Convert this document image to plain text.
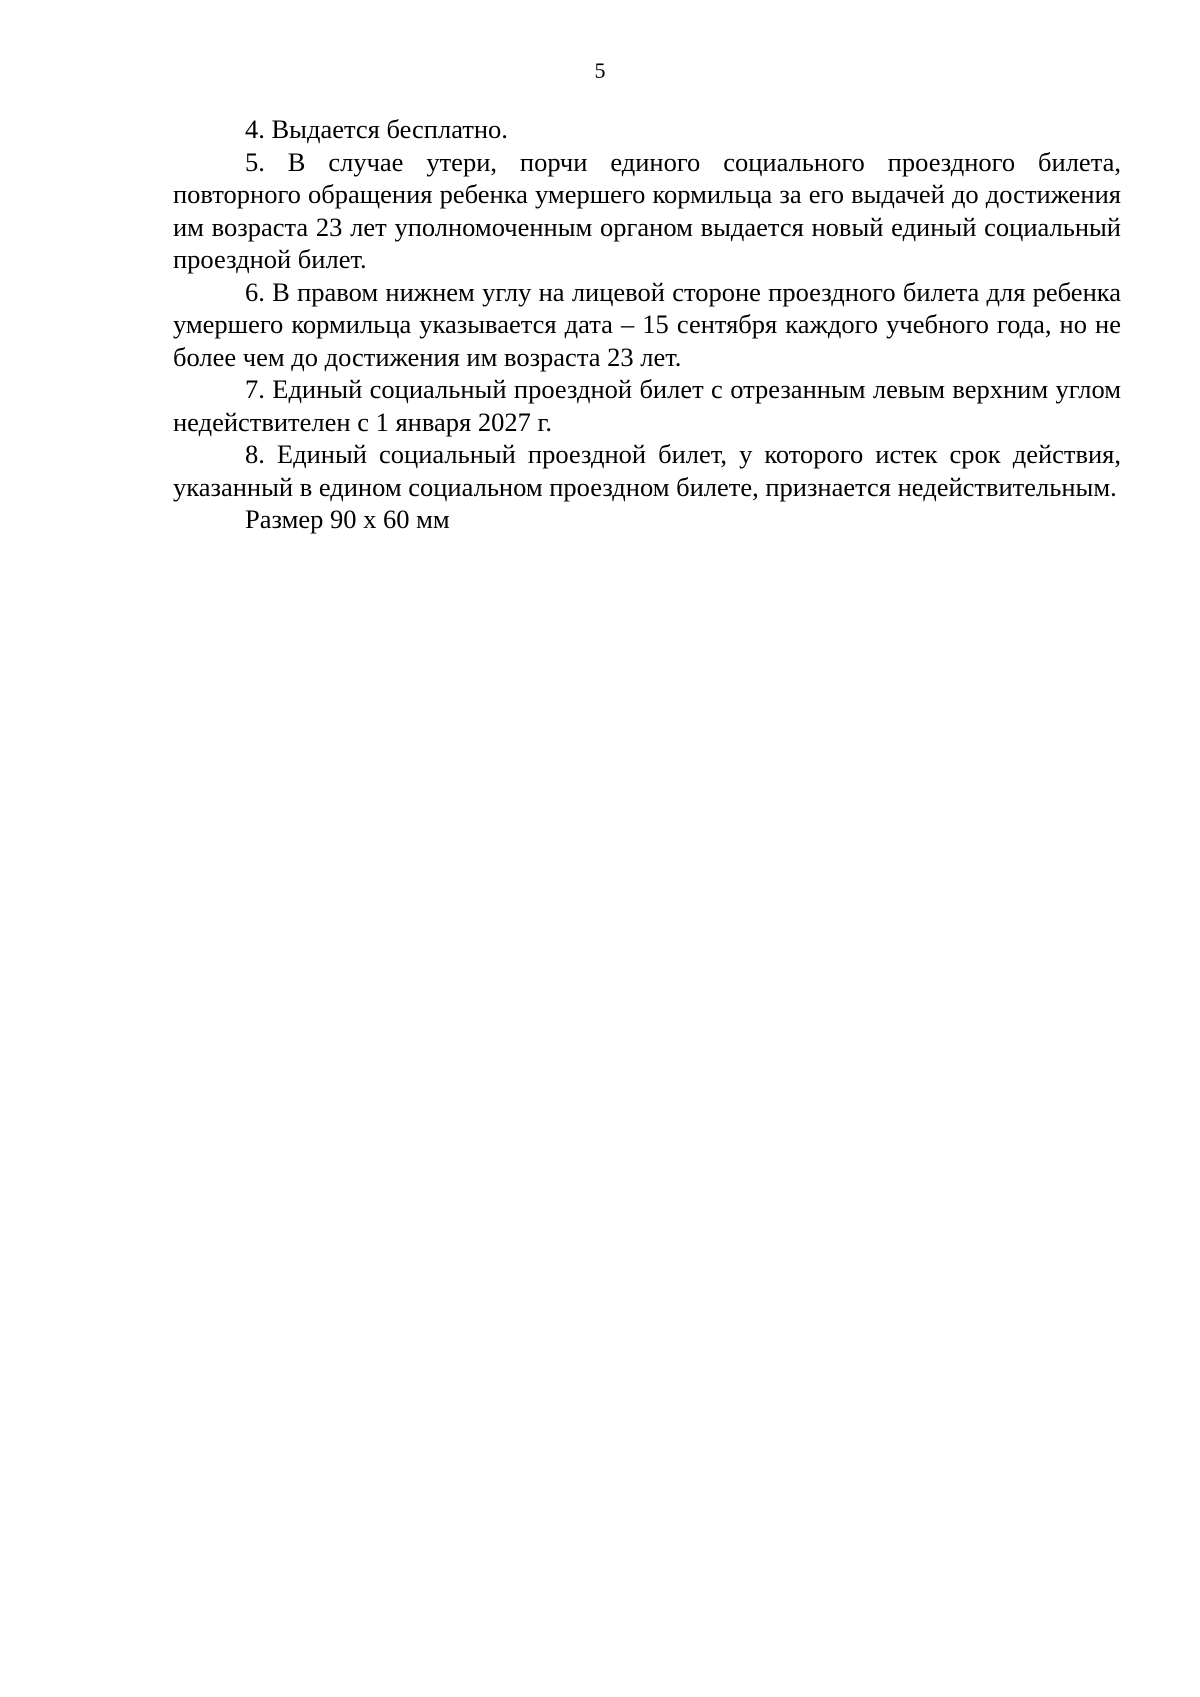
5

4. Выдается бесплатно.

5. В случае утери, порчи единого социального проездного билета, повторного обращения ребенка умершего кормильца за его выдачей до достижения им возраста 23 лет уполномоченным органом выдается новый единый социальный проездной билет.

6. В правом нижнем углу на лицевой стороне проездного билета для ребенка умершего кормильца указывается дата – 15 сентября каждого учебного года, но не более чем до достижения им возраста 23 лет.

7. Единый социальный проездной билет с отрезанным левым верхним углом недействителен с 1 января 2027 г.

8. Единый социальный проездной билет, у которого истек срок действия, указанный в едином социальном проездном билете, признается недействительным.

Размер 90 х 60 мм
